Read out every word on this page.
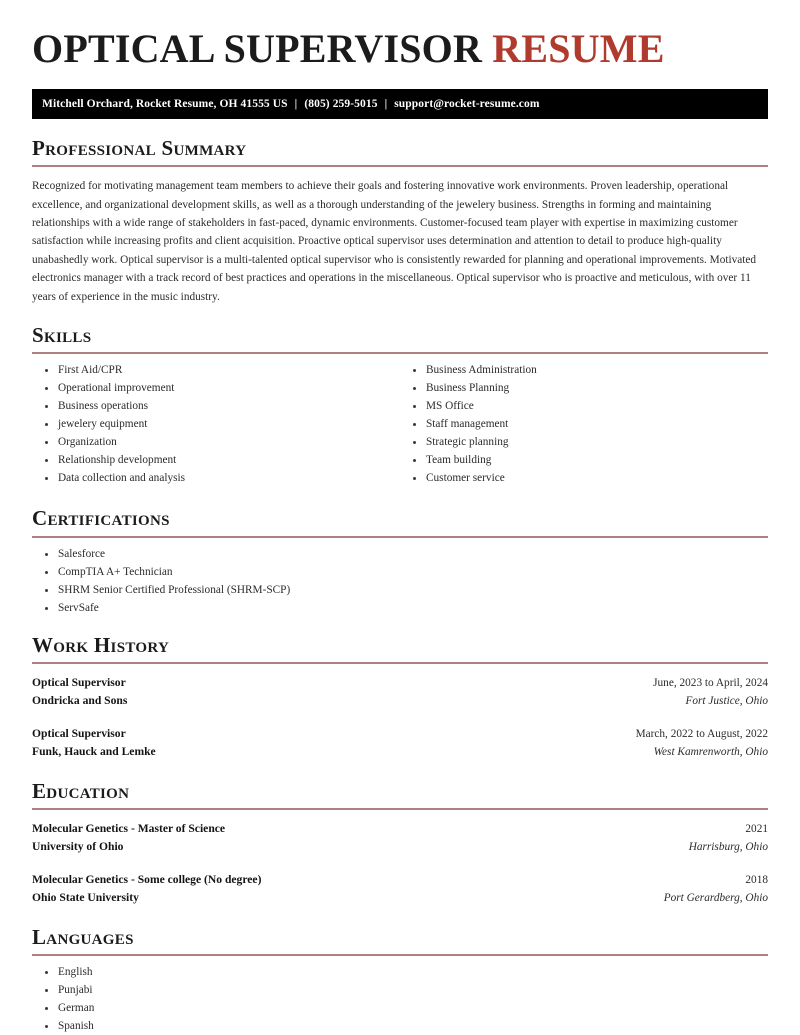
OPTICAL SUPERVISOR RESUME
Mitchell Orchard, Rocket Resume, OH 41555 US | (805) 259-5015 | support@rocket-resume.com
Professional Summary

Recognized for motivating management team members to achieve their goals and fostering innovative work environments. Proven leadership, operational excellence, and organizational development skills, as well as a thorough understanding of the jewelery business. Strengths in forming and maintaining relationships with a wide range of stakeholders in fast-paced, dynamic environments. Customer-focused team player with expertise in maximizing customer satisfaction while increasing profits and client acquisition. Proactive optical supervisor uses determination and attention to detail to produce high-quality unabashedly work. Optical supervisor is a multi-talented optical supervisor who is consistently rewarded for planning and operational improvements. Motivated electronics manager with a track record of best practices and operations in the miscellaneous. Optical supervisor who is proactive and meticulous, with over 11 years of experience in the music industry.

Skills
First Aid/CPR
Operational improvement
Business operations
jewelery equipment
Organization
Relationship development
Data collection and analysis
Business Administration
Business Planning
MS Office
Staff management
Strategic planning
Team building
Customer service
Certifications
Salesforce
CompTIA A+ Technician
SHRM Senior Certified Professional (SHRM-SCP)
ServSafe
Work History
Optical Supervisor	June, 2023 to April, 2024
Ondricka and Sons	Fort Justice, Ohio
Optical Supervisor	March, 2022 to August, 2022
Funk, Hauck and Lemke	West Kamrenworth, Ohio
Education
Molecular Genetics - Master of Science	2021
University of Ohio	Harrisburg, Ohio
Molecular Genetics - Some college (No degree)	2018
Ohio State University	Port Gerardberg, Ohio
Languages
English
Punjabi
German
Spanish
